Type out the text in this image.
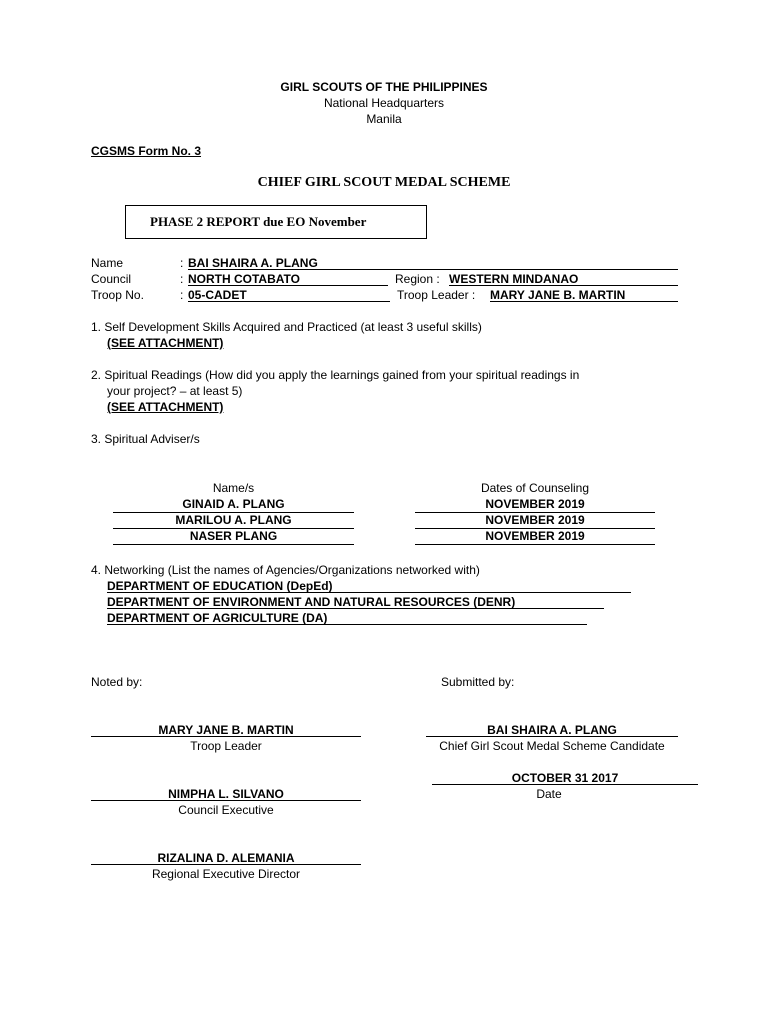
GIRL SCOUTS OF THE PHILIPPINES
National Headquarters
Manila
CGSMS Form No. 3
CHIEF GIRL SCOUT MEDAL SCHEME
PHASE 2 REPORT due EO November
Name	: BAI SHAIRA A. PLANG
Council	: NORTH COTABATO	Region : WESTERN MINDANAO
Troop No.	: 05-CADET	Troop Leader : MARY JANE B. MARTIN
1. Self Development Skills Acquired and Practiced (at least 3 useful skills)
(SEE ATTACHMENT)
2. Spiritual Readings (How did you apply the learnings gained from your spiritual readings in
your project? – at least 5)
(SEE ATTACHMENT)
3. Spiritual Adviser/s
Name/s	Dates of Counseling
GINAID A. PLANG	NOVEMBER 2019
MARILOU A. PLANG	NOVEMBER 2019
NASER PLANG	NOVEMBER 2019
4. Networking (List the names of Agencies/Organizations networked with)
DEPARTMENT OF EDUCATION (DepEd)
DEPARTMENT OF ENVIRONMENT AND NATURAL RESOURCES (DENR)
DEPARTMENT OF AGRICULTURE (DA)
Noted by:	Submitted by:
MARY JANE B. MARTIN
Troop Leader
BAI SHAIRA A. PLANG
Chief Girl Scout Medal Scheme Candidate
OCTOBER 31 2017
Date
NIMPHA L. SILVANO
Council Executive
RIZALINA D. ALEMANIA
Regional Executive Director
